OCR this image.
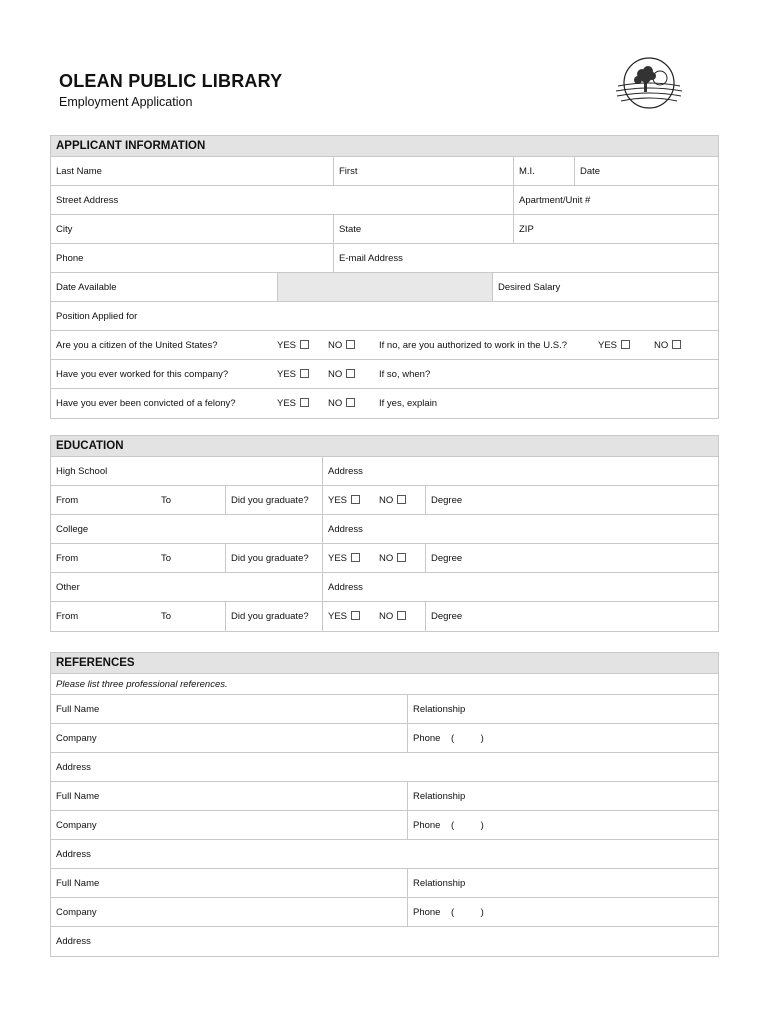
OLEAN PUBLIC LIBRARY
Employment Application
APPLICANT INFORMATION
Last Name	First	M.I.	Date
Street Address	Apartment/Unit #
City	State	ZIP
Phone	E-mail Address
Date Available	Desired Salary
Position Applied for
Are you a citizen of the United States?	YES	NO	If no, are you authorized to work in the U.S.?	YES	NO
Have you ever worked for this company?	YES	NO	If so, when?
Have you ever been convicted of a felony?	YES	NO	If yes, explain
EDUCATION
High School	Address
From	To	Did you graduate? YES	NO	Degree
College	Address
From	To	Did you graduate? YES	NO	Degree
Other	Address
From	To	Did you graduate? YES	NO	Degree
REFERENCES
Please list three professional references.
Full Name	Relationship
Company	Phone (          )
Address
Full Name	Relationship
Company	Phone (          )
Address
Full Name	Relationship
Company	Phone (          )
Address
